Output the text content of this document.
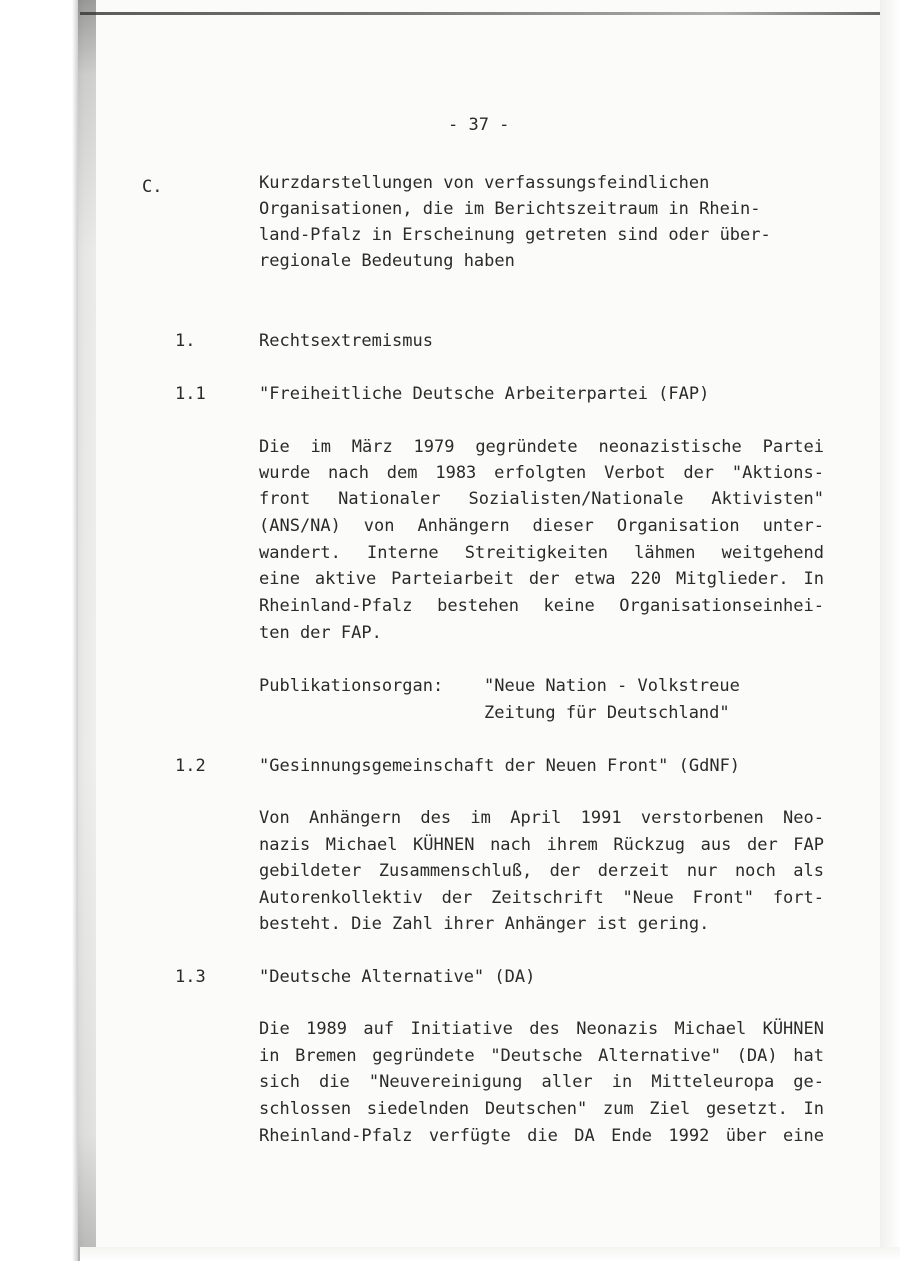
- 37 -
C.	Kurzdarstellungen von verfassungsfeindlichen
Organisationen, die im Berichtszeitraum in Rhein-
land-Pfalz in Erscheinung getreten sind oder über-
regionale Bedeutung haben
1.	Rechtsextremismus
1.1	"Freiheitliche Deutsche Arbeiterpartei (FAP)
Die im März 1979 gegründete neonazistische Partei
wurde nach dem 1983 erfolgten Verbot der "Aktions-
front Nationaler Sozialisten/Nationale Aktivisten"
(ANS/NA) von Anhängern dieser Organisation unter-
wandert. Interne Streitigkeiten lähmen weitgehend
eine aktive Parteiarbeit der etwa 220 Mitglieder. In
Rheinland-Pfalz bestehen keine Organisationseinhei-
ten der FAP.
Publikationsorgan: "Neue Nation - Volkstreue
Zeitung für Deutschland"
1.2	"Gesinnungsgemeinschaft der Neuen Front" (GdNF)
Von Anhängern des im April 1991 verstorbenen Neo-
nazis Michael KÜHNEN nach ihrem Rückzug aus der FAP
gebildeter Zusammenschluß, der derzeit nur noch als
Autorenkollektiv der Zeitschrift "Neue Front" fort-
besteht. Die Zahl ihrer Anhänger ist gering.
1.3	"Deutsche Alternative" (DA)
Die 1989 auf Initiative des Neonazis Michael KÜHNEN
in Bremen gegründete "Deutsche Alternative" (DA) hat
sich die "Neuvereinigung aller in Mitteleuropa ge-
schlossen siedelnden Deutschen" zum Ziel gesetzt. In
Rheinland-Pfalz verfügte die DA Ende 1992 über eine
